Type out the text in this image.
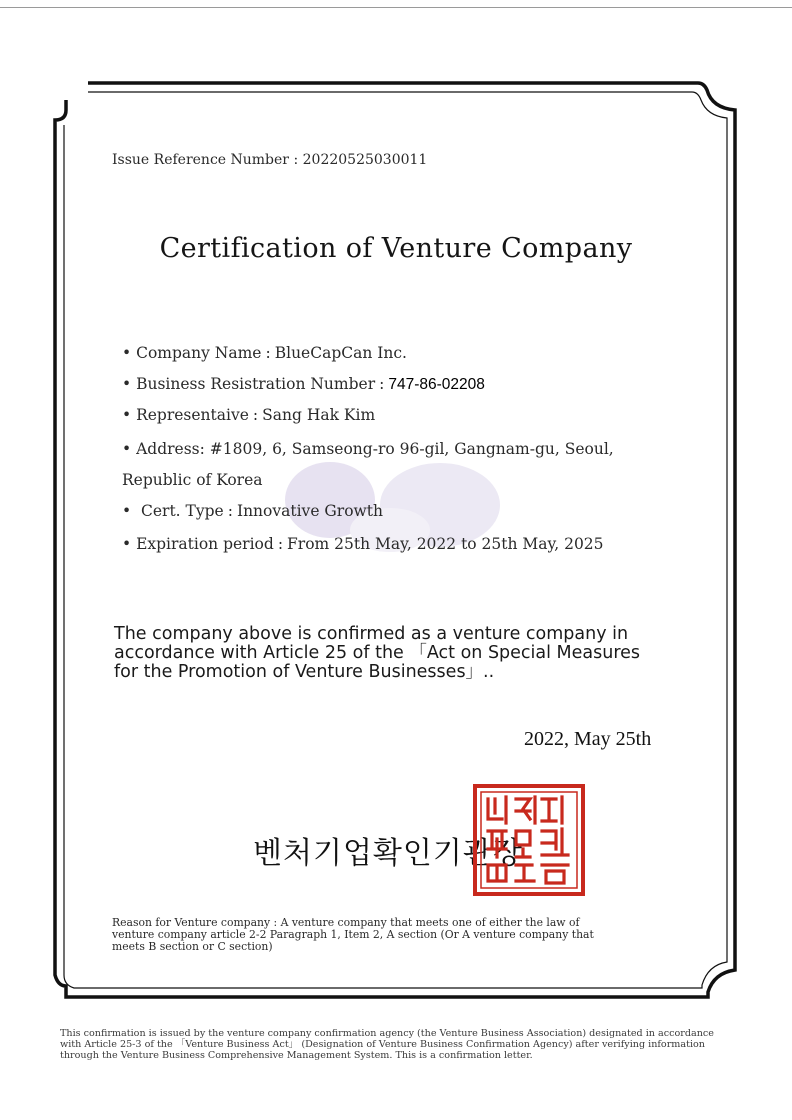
Issue Reference Number : 20220525030011
Certification of Venture Company
• Company Name : BlueCapCan Inc.
• Business Resistration Number : 747-86-02208
• Representaive : Sang Hak Kim
• Address: #1809, 6, Samseong-ro 96-gil, Gangnam-gu, Seoul,
Republic of Korea
•  Cert. Type : Innovative Growth
• Expiration period : From 25th May, 2022 to 25th May, 2025
The company above is confirmed as a venture company in
accordance with Article 25 of the 「Act on Special Measures
for the Promotion of Venture Businesses」..
2022, May 25th
벤처기업확인기관장
Reason for Venture company : A venture company that meets one of either the law of
venture company article 2-2 Paragraph 1, Item 2, A section (Or A venture company that
meets B section or C section)
This confirmation is issued by the venture company confirmation agency (the Venture Business Association) designated in accordance
with Article 25-3 of the 「Venture Business Act」 (Designation of Venture Business Confirmation Agency) after verifying information
through the Venture Business Comprehensive Management System. This is a confirmation letter.
